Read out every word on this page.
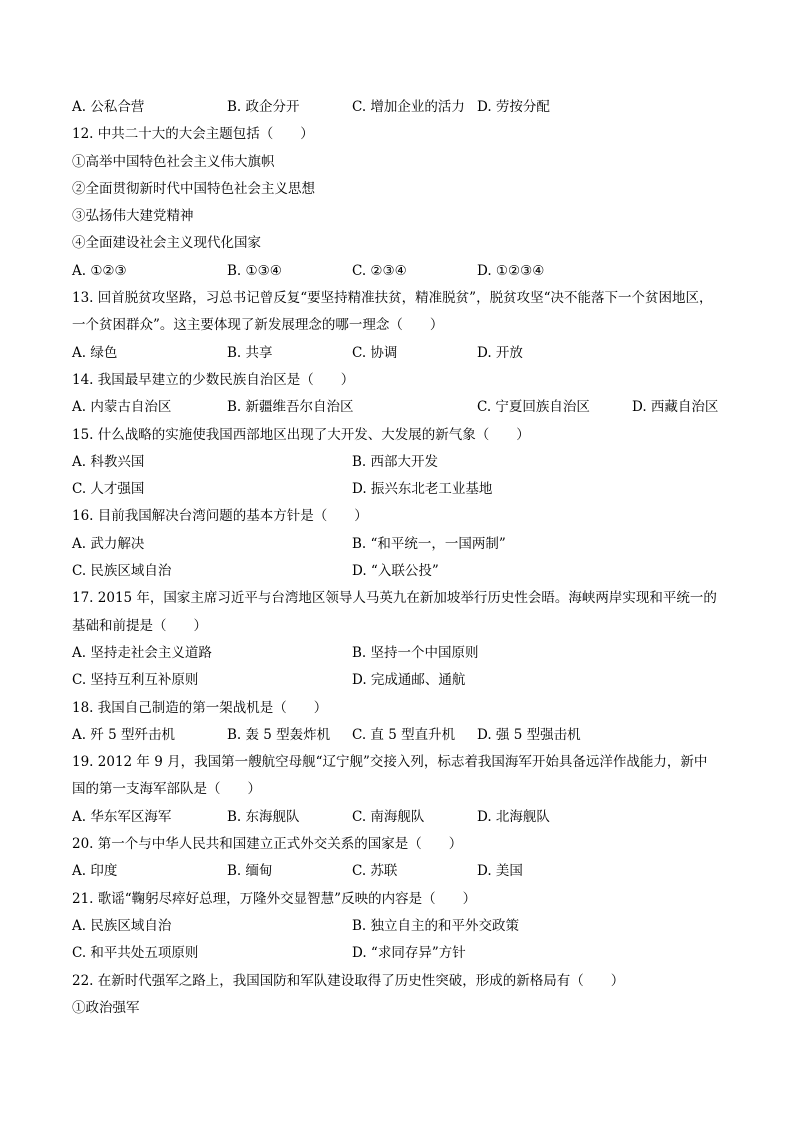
A. 公私合营	B. 政企分开	C. 增加企业的活力 D. 劳按分配
12. 中共二十大的大会主题包括（　　）
①高举中国特色社会主义伟大旗帜
②全面贯彻新时代中国特色社会主义思想
③弘扬伟大建党精神
④全面建设社会主义现代化国家
A. ①②③	B. ①③④	C. ②③④	D. ①②③④
13. 回首脱贫攻坚路，习总书记曾反复“要坚持精准扶贫，精准脱贫”，脱贫攻坚“决不能落下一个贫困地区，
一个贫困群众”。这主要体现了新发展理念的哪一理念（　　）
A. 绿色	B. 共享	C. 协调	D. 开放
14. 我国最早建立的少数民族自治区是（　　）
A. 内蒙古自治区	B. 新疆维吾尔自治区	C. 宁夏回族自治区	D. 西藏自治区
15. 什么战略的实施使我国西部地区出现了大开发、大发展的新气象（　　）
A. 科教兴国	B. 西部大开发
C. 人才强国	D. 振兴东北老工业基地
16. 目前我国解决台湾问题的基本方针是（　　）
A. 武力解决	B. “和平统一，一国两制”
C. 民族区域自治	D. “入联公投”
17. 2015 年，国家主席习近平与台湾地区领导人马英九在新加坡举行历史性会晤。海峡两岸实现和平统一的
基础和前提是（　　）
A. 坚持走社会主义道路	B. 坚持一个中国原则
C. 坚持互利互补原则	D. 完成通邮、通航
18. 我国自己制造的第一架战机是（　　）
A. 歼 5 型歼击机	B. 轰 5 型轰炸机 C. 直 5 型直升机 D. 强 5 型强击机
19. 2012 年 9 月，我国第一艘航空母舰“辽宁舰”交接入列，标志着我国海军开始具备远洋作战能力，新中
国的第一支海军部队是（　　）
A. 华东军区海军	B. 东海舰队	C. 南海舰队	D. 北海舰队
20. 第一个与中华人民共和国建立正式外交关系的国家是（　　）
A. 印度	B. 缅甸	C. 苏联	D. 美国
21. 歌谣“鞠躬尽瘁好总理，万隆外交显智慧”反映的内容是（　　）
A. 民族区域自治	B. 独立自主的和平外交政策
C. 和平共处五项原则	D. “求同存异”方针
22. 在新时代强军之路上，我国国防和军队建设取得了历史性突破，形成的新格局有（　　）
①政治强军
